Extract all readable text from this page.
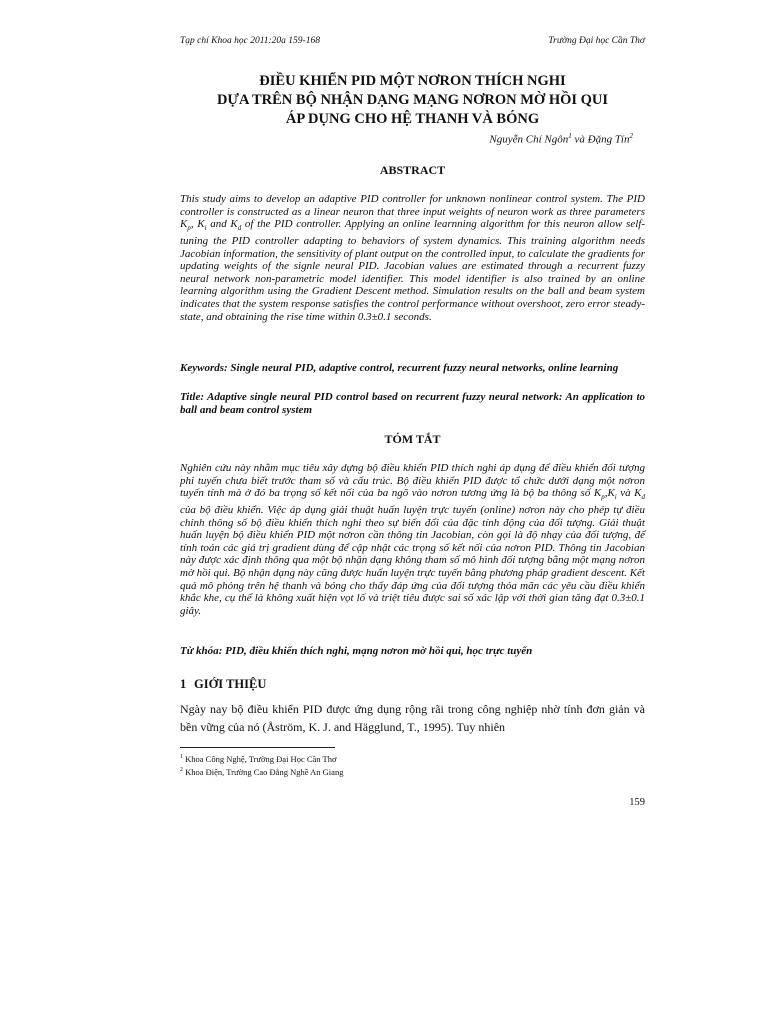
Tạp chí Khoa học 2011:20a 159-168	Trường Đại học Cần Thơ
ĐIỀU KHIỂN PID MỘT NƠRON THÍCH NGHI
DỰA TRÊN BỘ NHẬN DẠNG MẠNG NƠRON MỜ HỒI QUI
ÁP DỤNG CHO HỆ THANH VÀ BÓNG
Nguyễn Chí Ngôn$^1$ và Đặng Tín$^2$
ABSTRACT
This study aims to develop an adaptive PID controller for unknown nonlinear control system. The PID controller is constructed as a linear neuron that three input weights of neuron work as three parameters $K_p$, $K_i$ and $K_d$ of the PID controller. Applying an online learnning algorithm for this neuron allow self-tuning the PID controller adapting to behaviors of system dynamics. This training algorithm needs Jacobian information, the sensitivity of plant output on the controlled input, to calculate the gradients for updating weights of the signle neural PID. Jacobian values are estimated through a recurrent fuzzy neural network non-parametric model identifier. This model identifier is also trained by an online learning algorithm using the Gradient Descent method. Simulation results on the ball and beam system indicates that the system response satisfies the control performance without overshoot, zero error steady-state, and obtaining the rise time within 0.3±0.1 seconds.
Keywords: Single neural PID, adaptive control, recurrent fuzzy neural networks, online learning
Title: Adaptive single neural PID control based on recurrent fuzzy neural network: An application to ball and beam control system
TÓM TẮT
Nghiên cứu này nhằm mục tiêu xây dựng bộ điều khiển PID thích nghi áp dụng để điều khiển đối tượng phi tuyến chưa biết trước tham số và cấu trúc. Bộ điều khiển PID được tổ chức dưới dạng một nơron tuyến tính mà ở đó ba trọng số kết nối của ba ngõ vào nơron tương ứng là bộ ba thông số $K_p,K_i$ và $K_d$ của bộ điều khiển. Việc áp dụng giải thuật huấn luyện trực tuyến (online) nơron này cho phép tự điều chỉnh thông số bộ điều khiển thích nghi theo sự biến đổi của đặc tính động của đối tượng. Giải thuật huấn luyện bộ điều khiển PID một nơron cần thông tin Jacobian, còn gọi là độ nhạy của đối tượng, để tính toán các giá trị gradient dùng để cập nhật các trọng số kết nối của nơron PID. Thông tin Jacobian này được xác định thông qua một bộ nhận dạng không tham số mô hình đối tượng bằng một mạng nơron mờ hồi qui. Bộ nhận dạng này cũng được huấn luyện trực tuyến bằng phương pháp gradient descent. Kết quả mô phỏng trên hệ thanh và bóng cho thấy đáp ứng của đối tượng thỏa mãn các yêu cầu điều khiển khắc khe, cụ thể là không xuất hiện vọt lố và triệt tiêu được sai số xác lập với thời gian tăng đạt 0.3±0.1 giây.
Từ khóa: PID, điều khiển thích nghi, mạng nơron mờ hồi qui, học trực tuyến
1 GIỚI THIỆU
Ngày nay bộ điều khiển PID được ứng dụng rộng rãi trong công nghiệp nhờ tính đơn giản và bền vững của nó (Åström, K. J. and Hägglund, T., 1995). Tuy nhiên
$^1$ Khoa Công Nghệ, Trường Đại Học Cần Thơ
$^2$ Khoa Điện, Trường Cao Đẳng Nghề An Giang
159
